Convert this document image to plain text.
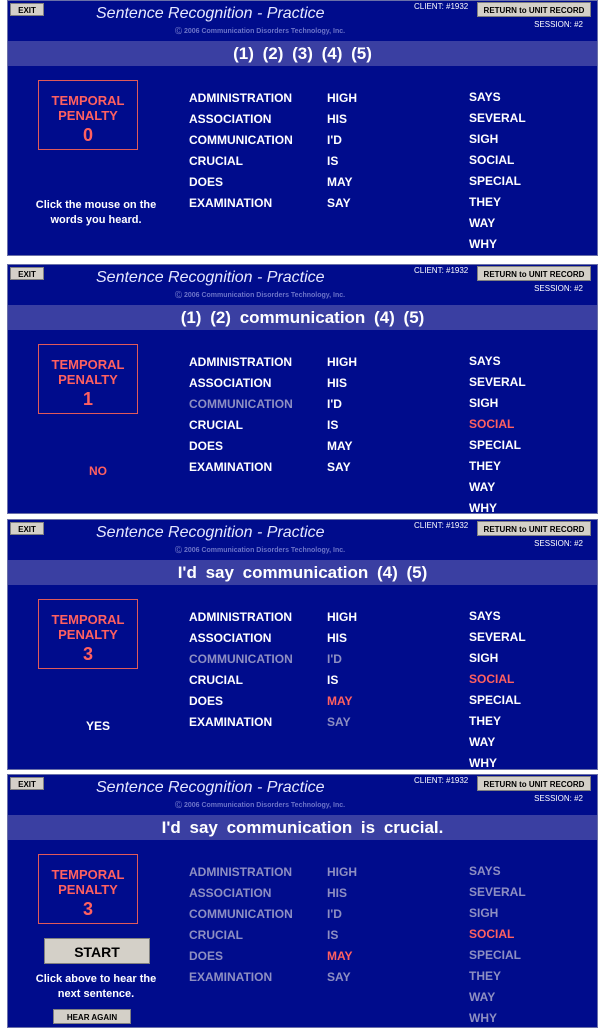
EXIT	Sentence Recognition - Practice
Ⓒ 2006 Communication Disorders Technology, Inc.
CLIENT: #1932	RETURN to UNIT RECORD
SESSION: #2
(1) (2) (3) (4) (5)
TEMPORAL
PENALTY
0
Click the mouse on the words you heard.
ADMINISTRATION
ASSOCIATION
COMMUNICATION
CRUCIAL
DOES
EXAMINATION
HIGH
HIS
I'D
IS
MAY
SAY
SAYS
SEVERAL
SIGH
SOCIAL
SPECIAL
THEY
WAY
WHY
EXIT	Sentence Recognition - Practice
Ⓒ 2006 Communication Disorders Technology, Inc.
CLIENT: #1932	RETURN to UNIT RECORD
SESSION: #2
(1) (2) communication (4) (5)
TEMPORAL
PENALTY
1
NO
ADMINISTRATION
ASSOCIATION
COMMUNICATION
CRUCIAL
DOES
EXAMINATION
HIGH
HIS
I'D
IS
MAY
SAY
SAYS
SEVERAL
SIGH
SOCIAL
SPECIAL
THEY
WAY
WHY
EXIT	Sentence Recognition - Practice
Ⓒ 2006 Communication Disorders Technology, Inc.
CLIENT: #1932	RETURN to UNIT RECORD
SESSION: #2
I'd say communication (4) (5)
TEMPORAL
PENALTY
3
YES
ADMINISTRATION
ASSOCIATION
COMMUNICATION
CRUCIAL
DOES
EXAMINATION
HIGH
HIS
I'D
IS
MAY
SAY
SAYS
SEVERAL
SIGH
SOCIAL
SPECIAL
THEY
WAY
WHY
EXIT	Sentence Recognition - Practice
Ⓒ 2006 Communication Disorders Technology, Inc.
CLIENT: #1932	RETURN to UNIT RECORD
SESSION: #2
I'd say communication is crucial.
TEMPORAL
PENALTY
3
START
Click above to hear the next sentence.
HEAR AGAIN
ADMINISTRATION
ASSOCIATION
COMMUNICATION
CRUCIAL
DOES
EXAMINATION
HIGH
HIS
I'D
IS
MAY
SAY
SAYS
SEVERAL
SIGH
SOCIAL
SPECIAL
THEY
WAY
WHY
